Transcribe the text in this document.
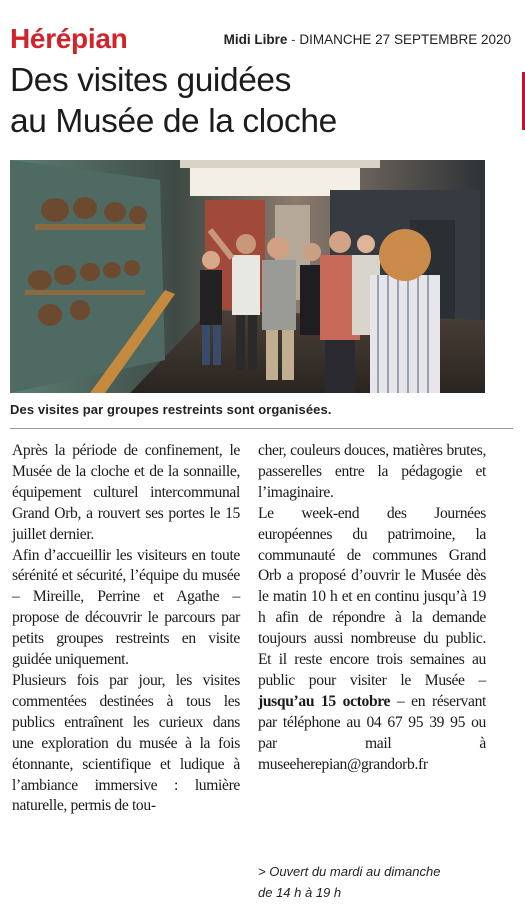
Hérépian	Midi Libre - DIMANCHE 27 SEPTEMBRE 2020
Des visites guidées
au Musée de la cloche
Des visites par groupes restreints sont organisées.

Après la période de confinement, le Musée de la cloche et de la sonnaille, équipement culturel intercommunal Grand Orb, a rouvert ses portes le 15 juillet dernier.

Afin d’accueillir les visiteurs en toute sérénité et sécurité, l’équipe du musée – Mireille, Perrine et Agathe – propose de découvrir le parcours par petits groupes restreints en visite guidée uniquement.

Plusieurs fois par jour, les visites commentées destinées à tous les publics entraînent les curieux dans une exploration du musée à la fois étonnante, scientifique et ludique à l’ambiance immersive : lumière naturelle, permis de tou-

cher, couleurs douces, matières brutes, passerelles entre la pédagogie et l’imaginaire.

Le week-end des Journées européennes du patrimoine, la communauté de communes Grand Orb a proposé d’ouvrir le Musée dès le matin 10 h et en continu jusqu’à 19 h afin de répondre à la demande toujours aussi nombreuse du public. Et il reste encore trois semaines au public pour visiter le Musée – jusqu’au 15 octobre – en réservant par téléphone au 04 67 95 39 95 ou par mail à museeherepian@grandorb.fr

> Ouvert du mardi au dimanche
de 14 h à 19 h
